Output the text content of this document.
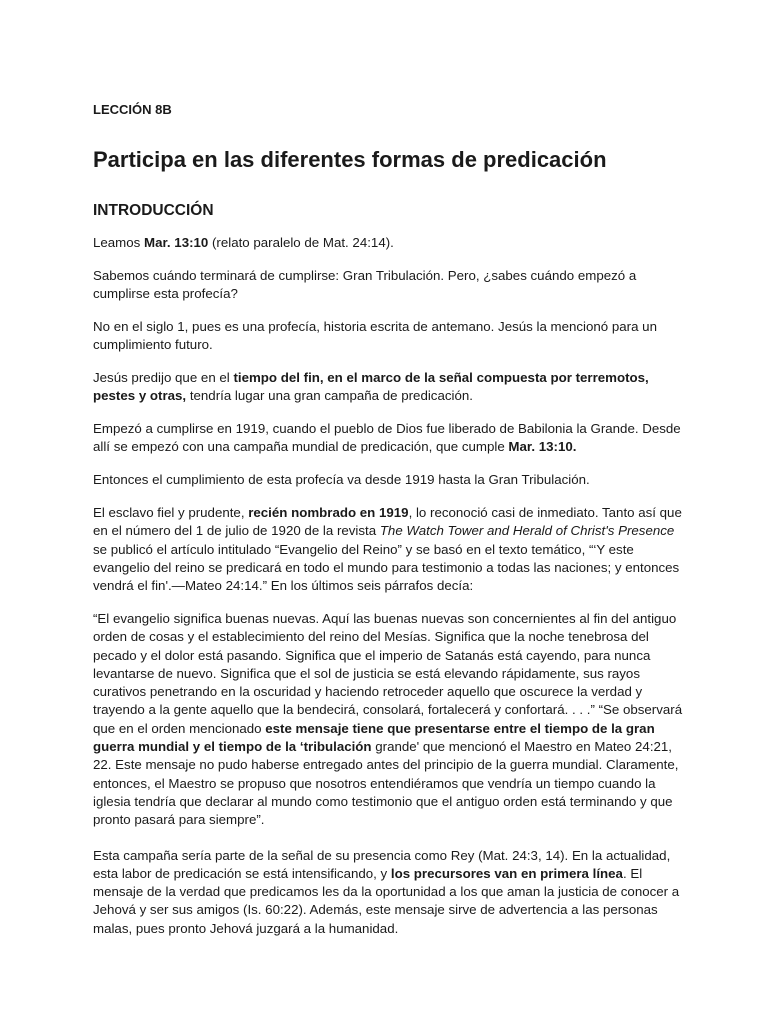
LECCIÓN 8B
Participa en las diferentes formas de predicación
INTRODUCCIÓN

Leamos Mar. 13:10 (relato paralelo de Mat. 24:14).

Sabemos cuándo terminará de cumplirse: Gran Tribulación. Pero, ¿sabes cuándo empezó a cumplirse esta profecía?

No en el siglo 1, pues es una profecía, historia escrita de antemano. Jesús la mencionó para un cumplimiento futuro.

Jesús predijo que en el tiempo del fin, en el marco de la señal compuesta por terremotos, pestes y otras, tendría lugar una gran campaña de predicación.

Empezó a cumplirse en 1919, cuando el pueblo de Dios fue liberado de Babilonia la Grande. Desde allí se empezó con una campaña mundial de predicación, que cumple Mar. 13:10.

Entonces el cumplimiento de esta profecía va desde 1919 hasta la Gran Tribulación.

El esclavo fiel y prudente, recién nombrado en 1919, lo reconoció casi de inmediato. Tanto así que en el número del 1 de julio de 1920 de la revista The Watch Tower and Herald of Christ's Presence se publicó el artículo intitulado “Evangelio del Reino” y se basó en el texto temático, “‘Y este evangelio del reino se predicará en todo el mundo para testimonio a todas las naciones; y entonces vendrá el fin'.—Mateo 24:14.” En los últimos seis párrafos decía:

“El evangelio significa buenas nuevas. Aquí las buenas nuevas son concernientes al fin del antiguo orden de cosas y el establecimiento del reino del Mesías. Significa que la noche tenebrosa del pecado y el dolor está pasando. Significa que el imperio de Satanás está cayendo, para nunca levantarse de nuevo. Significa que el sol de justicia se está elevando rápidamente, sus rayos curativos penetrando en la oscuridad y haciendo retroceder aquello que oscurece la verdad y trayendo a la gente aquello que la bendecirá, consolará, fortalecerá y confortará. . . .” “Se observará que en el orden mencionado este mensaje tiene que presentarse entre el tiempo de la gran guerra mundial y el tiempo de la ‘tribulación grande' que mencionó el Maestro en Mateo 24:21, 22. Este mensaje no pudo haberse entregado antes del principio de la guerra mundial. Claramente, entonces, el Maestro se propuso que nosotros entendiéramos que vendría un tiempo cuando la iglesia tendría que declarar al mundo como testimonio que el antiguo orden está terminando y que pronto pasará para siempre”.

Esta campaña sería parte de la señal de su presencia como Rey (Mat. 24:3, 14). En la actualidad, esta labor de predicación se está intensificando, y los precursores van en primera línea. El mensaje de la verdad que predicamos les da la oportunidad a los que aman la justicia de conocer a Jehová y ser sus amigos (Is. 60:22). Además, este mensaje sirve de advertencia a las personas malas, pues pronto Jehová juzgará a la humanidad.
